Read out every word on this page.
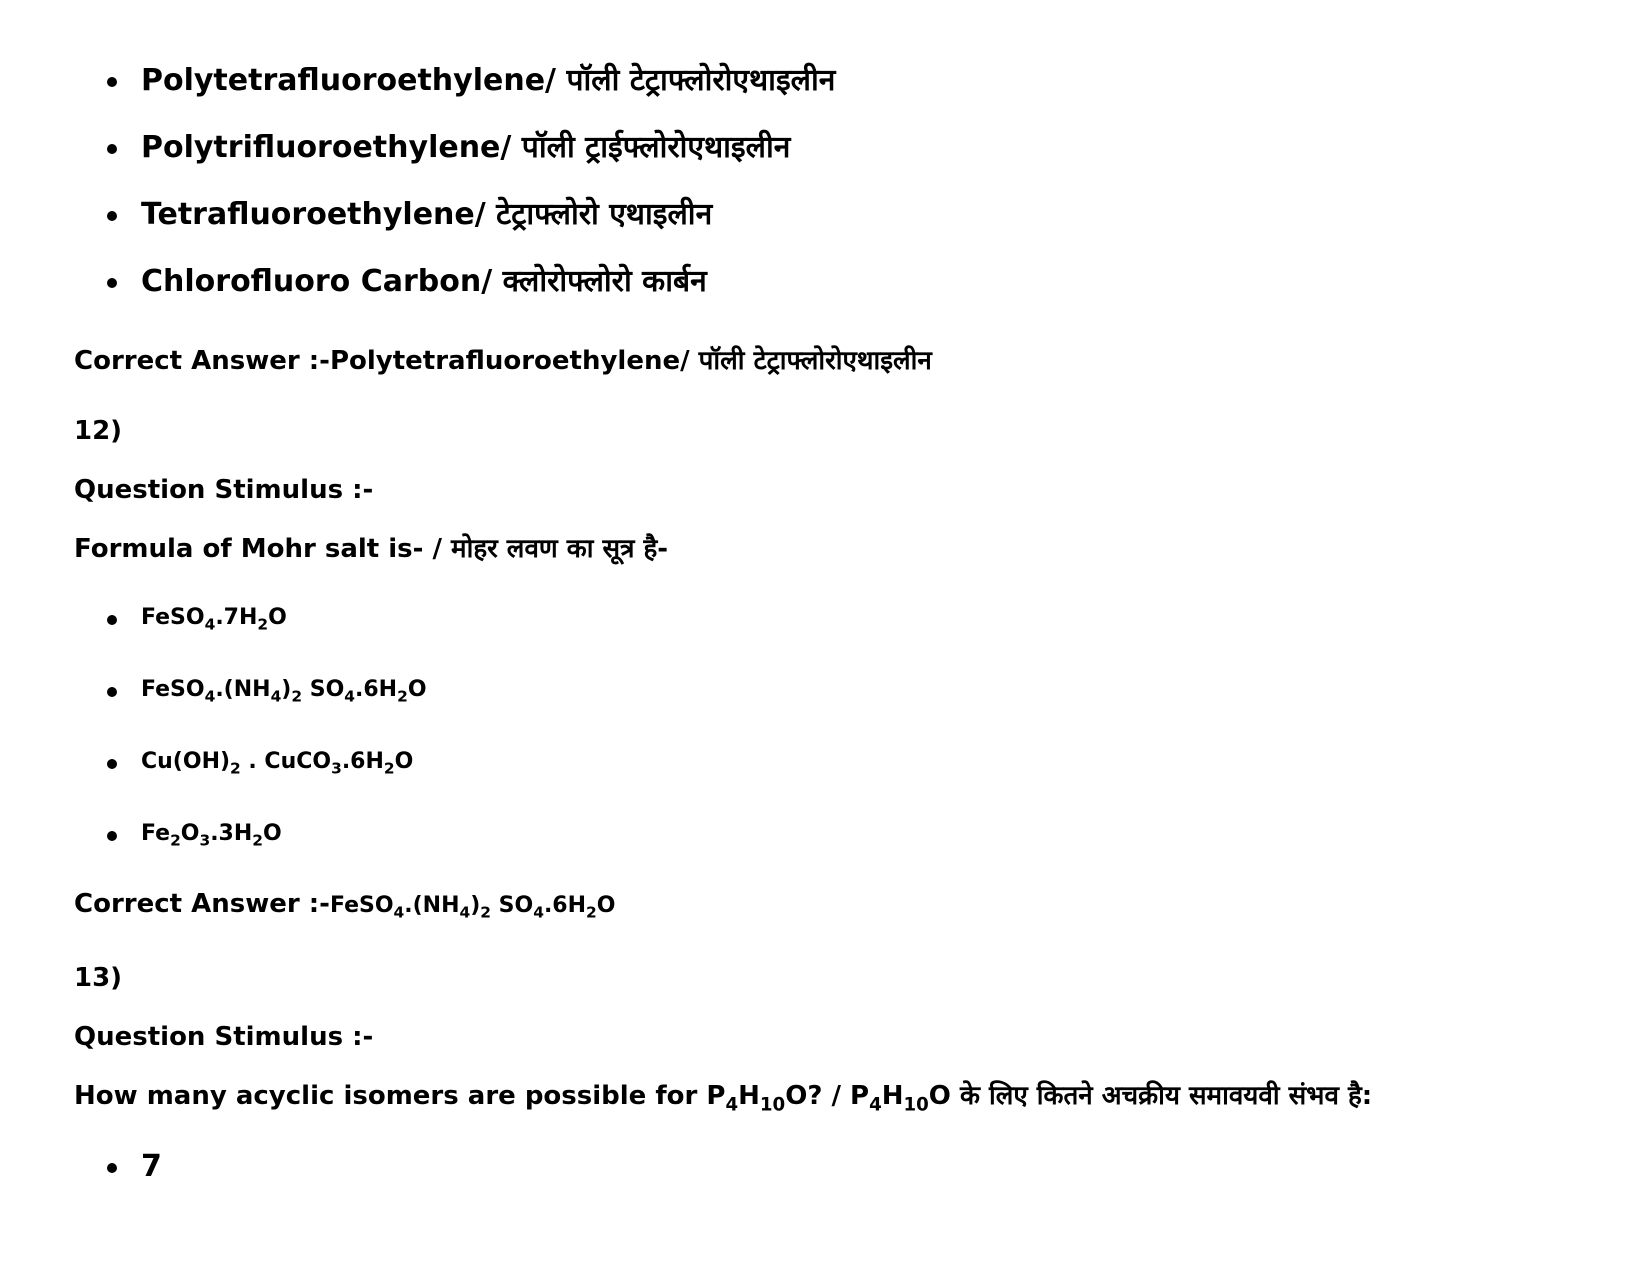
Polytetrafluoroethylene/ पॉली टेट्राफ्लोरोएथाइलीन
Polytrifluoroethylene/ पॉली ट्राईफ्लोरोएथाइलीन
Tetrafluoroethylene/ टेट्राफ्लोरो एथाइलीन
Chlorofluoro Carbon/ क्लोरोफ्लोरो कार्बन
Correct Answer :-Polytetrafluoroethylene/ पॉली टेट्राफ्लोरोएथाइलीन
12)
Question Stimulus :-
Formula of Mohr salt is- / मोहर लवण का सूत्र है-
$FeSO_4.7H_2O$
$FeSO_4.(NH_4)_2$ $SO_4.6H_2O$
$Cu(OH)_2$ . $CuCO_3.6H_2O$
$Fe_2O_3.3H_2O$
Correct Answer $:-FeSO_4.(NH_4)_2$ $SO_4.6H_2O$
13)
Question Stimulus :-
How many acyclic isomers are possible for $P_4H_{10}O$? / $P_4H_{10}O$ के लिए कितने अचक्रीय समावयवी संभव है:
7
